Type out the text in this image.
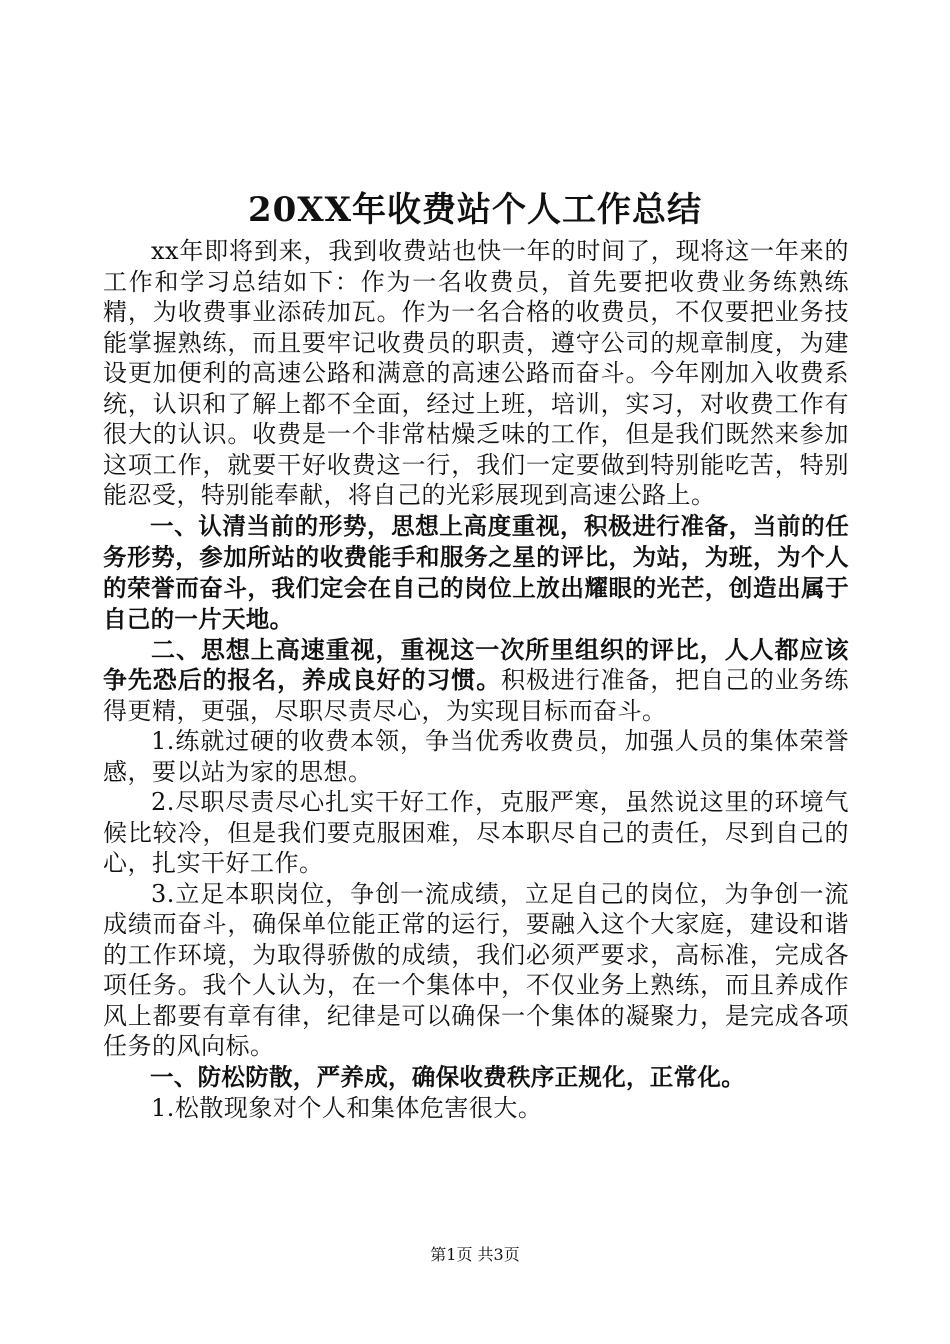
20XX年收费站个人工作总结

xx年即将到来，我到收费站也快一年的时间了，现将这一年来的工作和学习总结如下：作为一名收费员，首先要把收费业务练熟练精，为收费事业添砖加瓦。作为一名合格的收费员，不仅要把业务技能掌握熟练，而且要牢记收费员的职责，遵守公司的规章制度，为建设更加便利的高速公路和满意的高速公路而奋斗。今年刚加入收费系统，认识和了解上都不全面，经过上班，培训，实习，对收费工作有很大的认识。收费是一个非常枯燥乏味的工作，但是我们既然来参加这项工作，就要干好收费这一行，我们一定要做到特别能吃苦，特别能忍受，特别能奉献，将自己的光彩展现到高速公路上。

一、认清当前的形势，思想上高度重视，积极进行准备，当前的任务形势，参加所站的收费能手和服务之星的评比，为站，为班，为个人的荣誉而奋斗，我们定会在自己的岗位上放出耀眼的光芒，创造出属于自己的一片天地。

二、思想上高速重视，重视这一次所里组织的评比，人人都应该争先恐后的报名，养成良好的习惯。积极进行准备，把自己的业务练得更精，更强，尽职尽责尽心，为实现目标而奋斗。

1.练就过硬的收费本领，争当优秀收费员，加强人员的集体荣誉感，要以站为家的思想。

2.尽职尽责尽心扎实干好工作，克服严寒，虽然说这里的环境气候比较冷，但是我们要克服困难，尽本职尽自己的责任，尽到自己的心，扎实干好工作。

3.立足本职岗位，争创一流成绩，立足自己的岗位，为争创一流成绩而奋斗，确保单位能正常的运行，要融入这个大家庭，建设和谐的工作环境，为取得骄傲的成绩，我们必须严要求，高标准，完成各项任务。我个人认为，在一个集体中，不仅业务上熟练，而且养成作风上都要有章有律，纪律是可以确保一个集体的凝聚力，是完成各项任务的风向标。

一、防松防散，严养成，确保收费秩序正规化，正常化。

1.松散现象对个人和集体危害很大。

第1页 共3页
